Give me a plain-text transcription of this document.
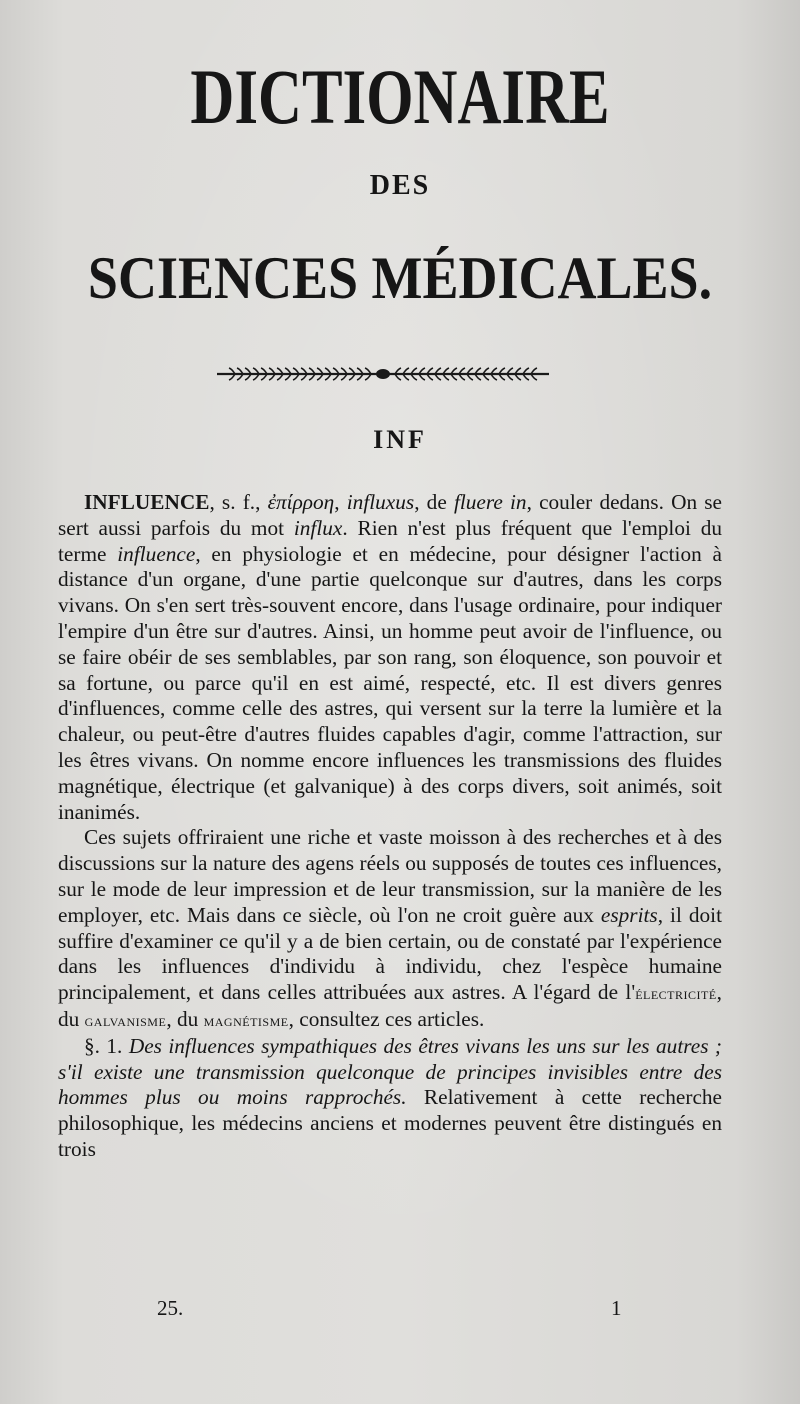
DICTIONAIRE
DES
SCIENCES MÉDICALES.
INF

INFLUENCE, s. f., ἐπίρροη, influxus, de fluere in, couler dedans. On se sert aussi parfois du mot influx. Rien n'est plus fréquent que l'emploi du terme influence, en physiologie et en médecine, pour désigner l'action à distance d'un organe, d'une partie quelconque sur d'autres, dans les corps vivans. On s'en sert très-souvent encore, dans l'usage ordinaire, pour indiquer l'empire d'un être sur d'autres. Ainsi, un homme peut avoir de l'influence, ou se faire obéir de ses semblables, par son rang, son éloquence, son pouvoir et sa fortune, ou parce qu'il en est aimé, respecté, etc. Il est divers genres d'influences, comme celle des astres, qui versent sur la terre la lumière et la chaleur, ou peut-être d'autres fluides capables d'agir, comme l'attraction, sur les êtres vivans. On nomme encore influences les transmissions des fluides magnétique, électrique (et galvanique) à des corps divers, soit animés, soit inanimés.

Ces sujets offriraient une riche et vaste moisson à des recherches et à des discussions sur la nature des agens réels ou supposés de toutes ces influences, sur le mode de leur impression et de leur transmission, sur la manière de les employer, etc. Mais dans ce siècle, où l'on ne croit guère aux esprits, il doit suffire d'examiner ce qu'il y a de bien certain, ou de constaté par l'expérience dans les influences d'individu à individu, chez l'espèce humaine principalement, et dans celles attribuées aux astres. A l'égard de l'électricité, du galvanisme, du magnétisme, consultez ces articles.

§. 1. Des influences sympathiques des êtres vivans les uns sur les autres ; s'il existe une transmission quelconque de principes invisibles entre des hommes plus ou moins rapprochés. Relativement à cette recherche philosophique, les médecins anciens et modernes peuvent être distingués en trois

25.	1
